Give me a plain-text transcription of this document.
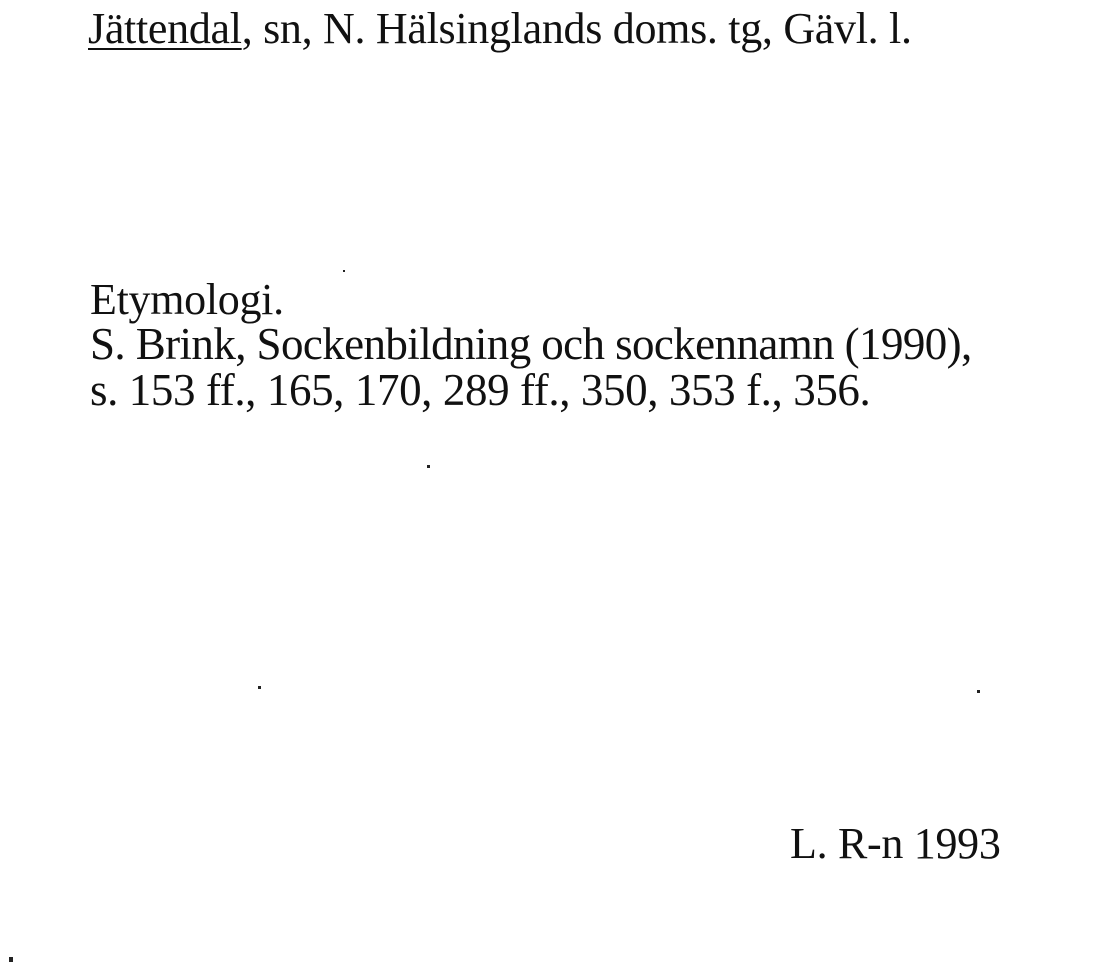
Jättendal, sn, N. Hälsinglands doms. tg, Gävl. l.
Etymologi.
S. Brink, Sockenbildning och sockennamn (1990),
s. 153 ff., 165, 170, 289 ff., 350, 353 f., 356.
L. R-n 1993
